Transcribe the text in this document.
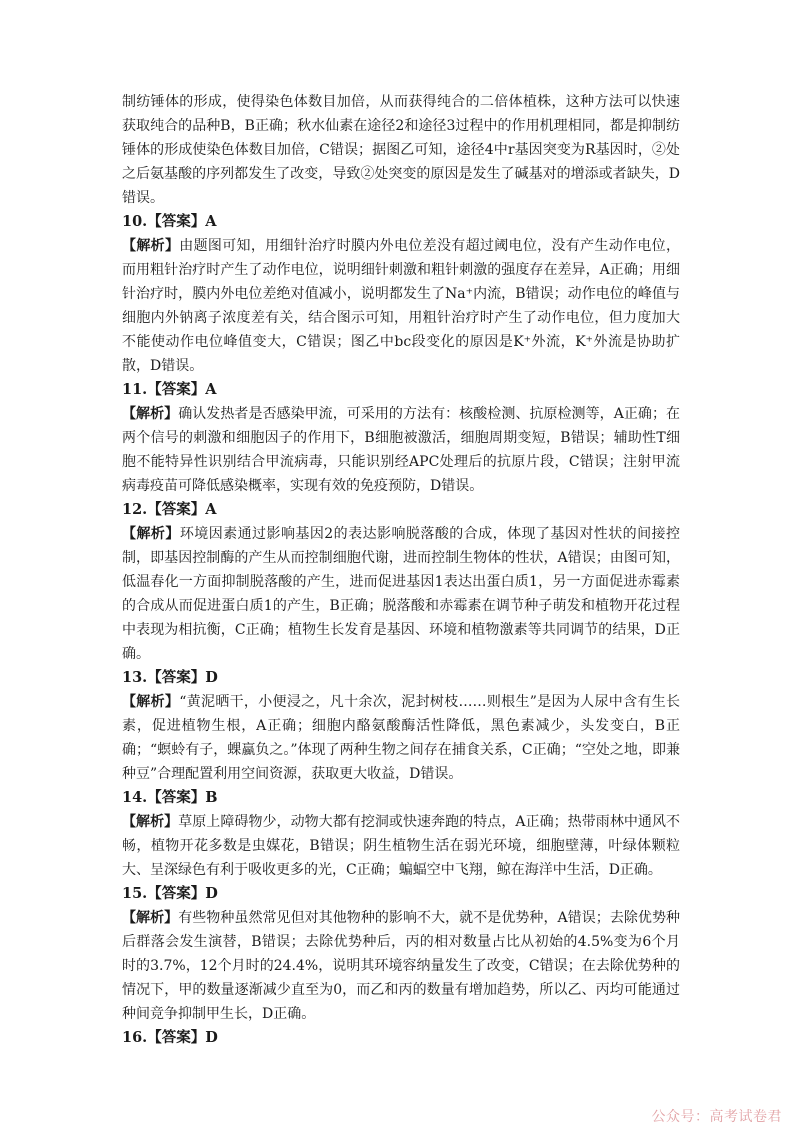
制纺锤体的形成，使得染色体数目加倍，从而获得纯合的二倍体植株，这种方法可以快速获取纯合的品种B，B正确；秋水仙素在途径2和途径3过程中的作用机理相同，都是抑制纺锤体的形成使染色体数目加倍，C错误；据图乙可知，途径4中r基因突变为R基因时，②处之后氨基酸的序列都发生了改变，导致②处突变的原因是发生了碱基对的增添或者缺失，D错误。

10.【答案】A

【解析】由题图可知，用细针治疗时膜内外电位差没有超过阈电位，没有产生动作电位，而用粗针治疗时产生了动作电位，说明细针刺激和粗针刺激的强度存在差异，A正确；用细针治疗时，膜内外电位差绝对值减小，说明都发生了Na⁺内流，B错误；动作电位的峰值与细胞内外钠离子浓度差有关，结合图示可知，用粗针治疗时产生了动作电位，但力度加大不能使动作电位峰值变大，C错误；图乙中bc段变化的原因是K⁺外流，K⁺外流是协助扩散，D错误。

11.【答案】A

【解析】确认发热者是否感染甲流，可采用的方法有：核酸检测、抗原检测等，A正确；在两个信号的刺激和细胞因子的作用下，B细胞被激活，细胞周期变短，B错误；辅助性T细胞不能特异性识别结合甲流病毒，只能识别经APC处理后的抗原片段，C错误；注射甲流病毒疫苗可降低感染概率，实现有效的免疫预防，D错误。

12.【答案】A

【解析】环境因素通过影响基因2的表达影响脱落酸的合成，体现了基因对性状的间接控制，即基因控制酶的产生从而控制细胞代谢，进而控制生物体的性状，A错误；由图可知，低温春化一方面抑制脱落酸的产生，进而促进基因1表达出蛋白质1，另一方面促进赤霉素的合成从而促进蛋白质1的产生，B正确；脱落酸和赤霉素在调节种子萌发和植物开花过程中表现为相抗衡，C正确；植物生长发育是基因、环境和植物激素等共同调节的结果，D正确。

13.【答案】D

【解析】“黄泥晒干，小便浸之，凡十余次，泥封树枝……则根生”是因为人尿中含有生长素，促进植物生根，A正确；细胞内酪氨酸酶活性降低，黑色素减少，头发变白，B正确；“螟蛉有子，蜾蠃负之。”体现了两种生物之间存在捕食关系，C正确；“空处之地，即兼种豆”合理配置利用空间资源，获取更大收益，D错误。

14.【答案】B

【解析】草原上障碍物少，动物大都有挖洞或快速奔跑的特点，A正确；热带雨林中通风不畅，植物开花多数是虫媒花，B错误；阴生植物生活在弱光环境，细胞壁薄，叶绿体颗粒大、呈深绿色有利于吸收更多的光，C正确；蝙蝠空中飞翔，鲸在海洋中生活，D正确。

15.【答案】D

【解析】有些物种虽然常见但对其他物种的影响不大，就不是优势种，A错误；去除优势种后群落会发生演替，B错误；去除优势种后，丙的相对数量占比从初始的4.5%变为6个月时的3.7%，12个月时的24.4%，说明其环境容纳量发生了改变，C错误；在去除优势种的情况下，甲的数量逐渐减少直至为0，而乙和丙的数量有增加趋势，所以乙、丙均可能通过种间竞争抑制甲生长，D正确。

16.【答案】D

公众号：高考试卷君
